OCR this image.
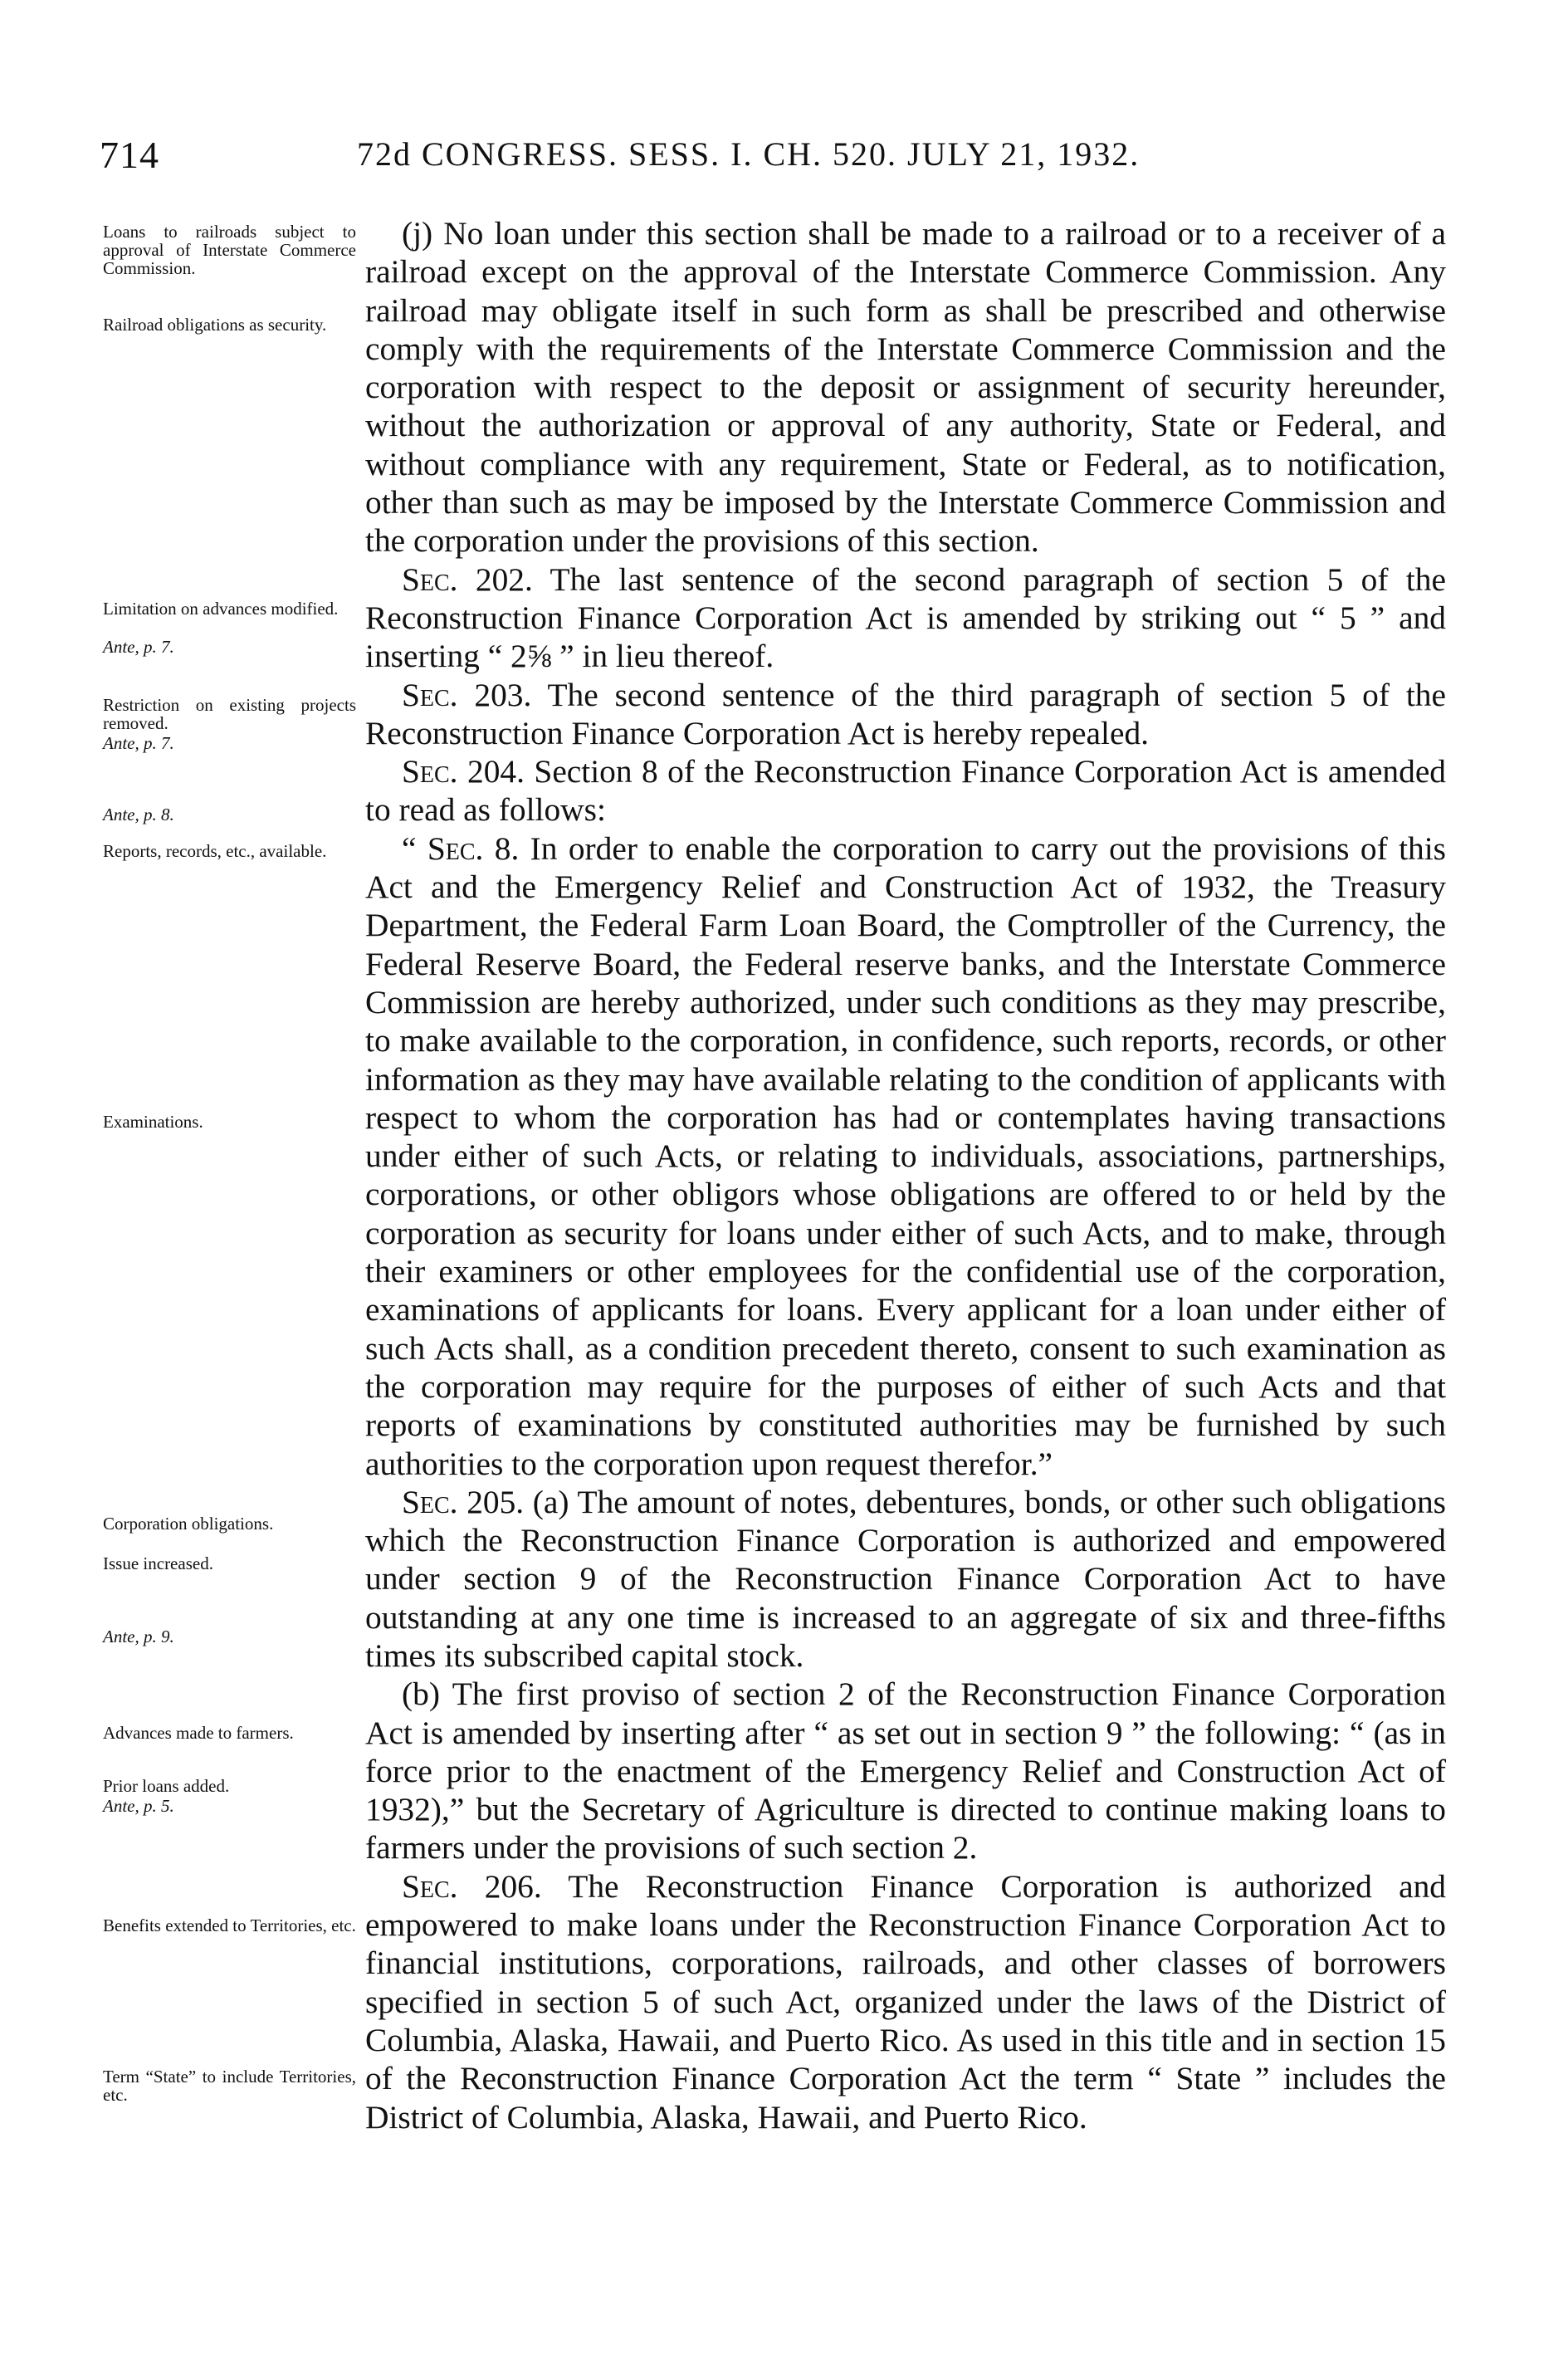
714	72d CONGRESS. SESS. I. CH. 520. JULY 21, 1932.
Loans to railroads subject to approval of Interstate Commerce Commission.
Railroad obligations as security.
Limitation on advances modified.
Ante, p. 7.
Restriction on existing projects removed.
Ante, p. 7.
Ante, p. 8.
Reports, records, etc., available.
Examinations.
Corporation obligations.
Issue increased.
Ante, p. 9.
Advances made to farmers.
Prior loans added.
Ante, p. 5.
Benefits extended to Territories, etc.
Term “State” to include Territories, etc.

(j) No loan under this section shall be made to a railroad or to a receiver of a railroad except on the approval of the Interstate Commerce Commission. Any railroad may obligate itself in such form as shall be prescribed and otherwise comply with the requirements of the Interstate Commerce Commission and the corporation with respect to the deposit or assignment of security hereunder, without the authorization or approval of any authority, State or Federal, and without compliance with any requirement, State or Federal, as to notification, other than such as may be imposed by the Interstate Commerce Commission and the corporation under the provisions of this section.

Sec. 202. The last sentence of the second paragraph of section 5 of the Reconstruction Finance Corporation Act is amended by striking out “ 5 ” and inserting “ 2⅝ ” in lieu thereof.

Sec. 203. The second sentence of the third paragraph of section 5 of the Reconstruction Finance Corporation Act is hereby repealed.

Sec. 204. Section 8 of the Reconstruction Finance Corporation Act is amended to read as follows:

“ Sec. 8. In order to enable the corporation to carry out the provisions of this Act and the Emergency Relief and Construction Act of 1932, the Treasury Department, the Federal Farm Loan Board, the Comptroller of the Currency, the Federal Reserve Board, the Federal reserve banks, and the Interstate Commerce Commission are hereby authorized, under such conditions as they may prescribe, to make available to the corporation, in confidence, such reports, records, or other information as they may have available relating to the condition of applicants with respect to whom the corporation has had or contemplates having transactions under either of such Acts, or relating to individuals, associations, partnerships, corporations, or other obligors whose obligations are offered to or held by the corporation as security for loans under either of such Acts, and to make, through their examiners or other employees for the confidential use of the corporation, examinations of applicants for loans. Every applicant for a loan under either of such Acts shall, as a condition precedent thereto, consent to such examination as the corporation may require for the purposes of either of such Acts and that reports of examinations by constituted authorities may be furnished by such authorities to the corporation upon request therefor.”

Sec. 205. (a) The amount of notes, debentures, bonds, or other such obligations which the Reconstruction Finance Corporation is authorized and empowered under section 9 of the Reconstruction Finance Corporation Act to have outstanding at any one time is increased to an aggregate of six and three-fifths times its subscribed capital stock.

(b) The first proviso of section 2 of the Reconstruction Finance Corporation Act is amended by inserting after “ as set out in section 9 ” the following: “ (as in force prior to the enactment of the Emergency Relief and Construction Act of 1932),” but the Secretary of Agriculture is directed to continue making loans to farmers under the provisions of such section 2.

Sec. 206. The Reconstruction Finance Corporation is authorized and empowered to make loans under the Reconstruction Finance Corporation Act to financial institutions, corporations, railroads, and other classes of borrowers specified in section 5 of such Act, organized under the laws of the District of Columbia, Alaska, Hawaii, and Puerto Rico. As used in this title and in section 15 of the Reconstruction Finance Corporation Act the term “ State ” includes the District of Columbia, Alaska, Hawaii, and Puerto Rico.
